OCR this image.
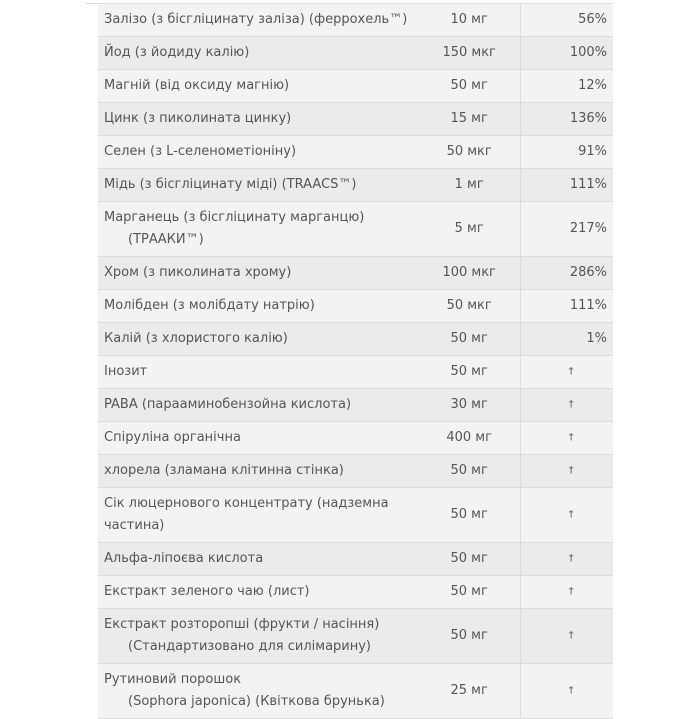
Залізо (з бісгліцинату заліза) (феррохель™)	10 мг	56%
Йод (з йодиду калію)	150 мкг	100%
Магній (від оксиду магнію)	50 мг	12%
Цинк (з пиколината цинку)	15 мг	136%
Селен (з L-селенометіоніну)	50 мкг	91%
Мідь (з бісгліцинату міді) (TRAACS™)	1 мг	111%
Марганець (з бісгліцинату марганцю)
(ТРААКИ™)	5 мг	217%
Хром (з пиколината хрому)	100 мкг	286%
Молібден (з молібдату натрію)	50 мкг	111%
Калій (з хлористого калію)	50 мг	1%
Інозит	50 мг	†
PABA (парааминобензойна кислота)	30 мг	†
Спіруліна органічна	400 мг	†
хлорела (зламана клітинна стінка)	50 мг	†
Сік люцернового концентрату (надземна частина)	50 мг	†
Альфа-ліпоєва кислота	50 мг	†
Екстракт зеленого чаю (лист)	50 мг	†
Екстракт розторопші (фрукти / насіння)
(Стандартизовано для силімарину)	50 мг	†
Рутиновий порошок
(Sophora japonica) (Квіткова брунька)	25 мг	†
